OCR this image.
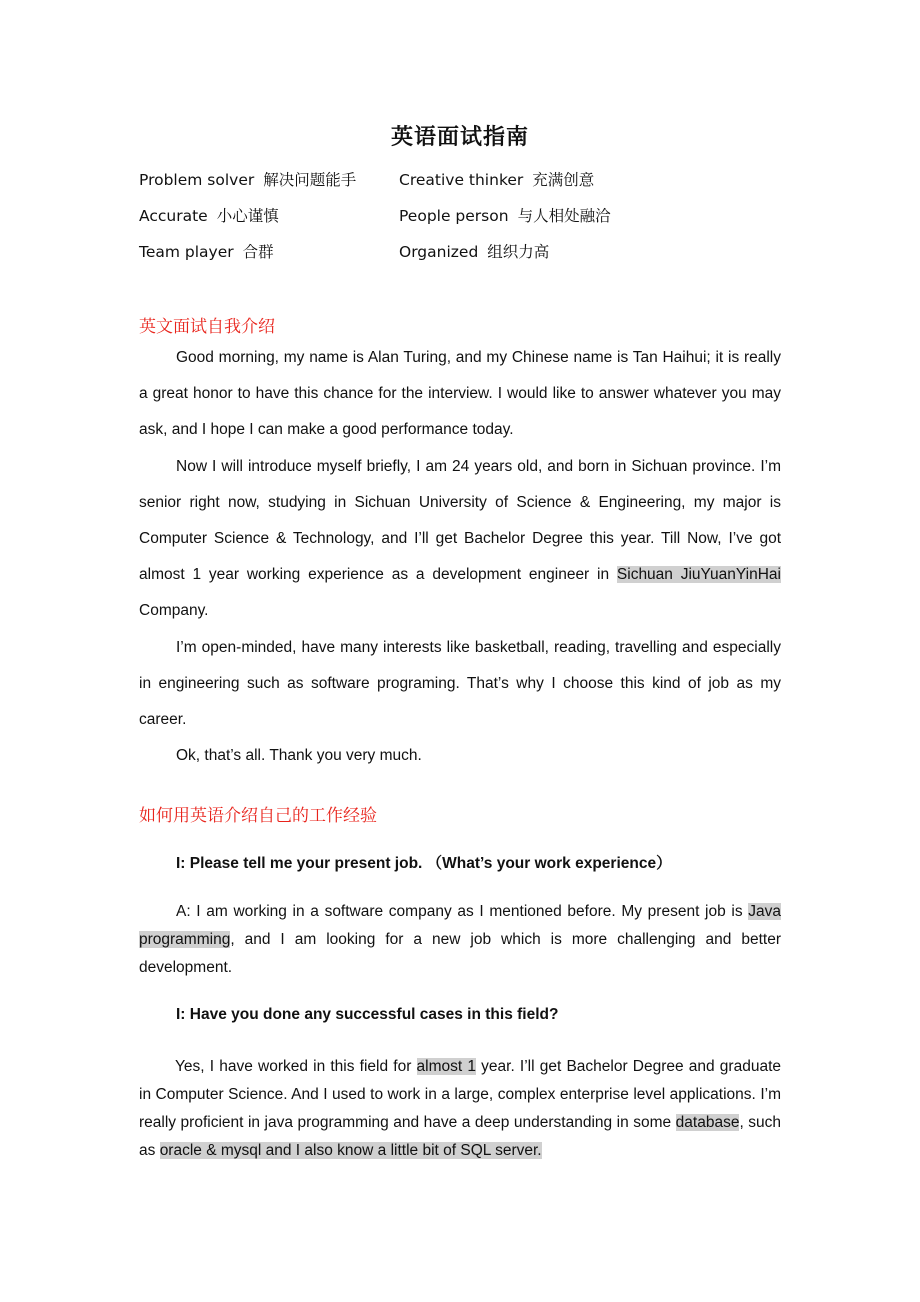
英语面试指南
Problem solver 解决问题能手	Creative thinker 充满创意
Accurate 小心谨慎	People person 与人相处融洽
Team player 合群	Organized 组织力高
英文面试自我介绍
Good morning, my name is Alan Turing, and my Chinese name is Tan Haihui; it is really a great honor to have this chance for the interview. I would like to answer whatever you may ask, and I hope I can make a good performance today.
Now I will introduce myself briefly, I am 24 years old, and born in Sichuan province. I’m senior right now, studying in Sichuan University of Science & Engineering, my major is Computer Science & Technology, and I’ll get Bachelor Degree this year. Till Now, I’ve got almost 1 year working experience as a development engineer in Sichuan JiuYuanYinHai Company.
I’m open-minded, have many interests like basketball, reading, travelling and especially in engineering such as software programing. That’s why I choose this kind of job as my career.
Ok, that’s all. Thank you very much.
如何用英语介绍自己的工作经验
I: Please tell me your present job. （What’s your work experience）
A: I am working in a software company as I mentioned before. My present job is Java programming, and I am looking for a new job which is more challenging and better development.
I: Have you done any successful cases in this field?
Yes, I have worked in this field for almost 1 year. I’ll get Bachelor Degree and graduate in Computer Science. And I used to work in a large, complex enterprise level applications. I’m really proficient in java programming and have a deep understanding in some database, such as oracle & mysql and I also know a little bit of SQL server.
